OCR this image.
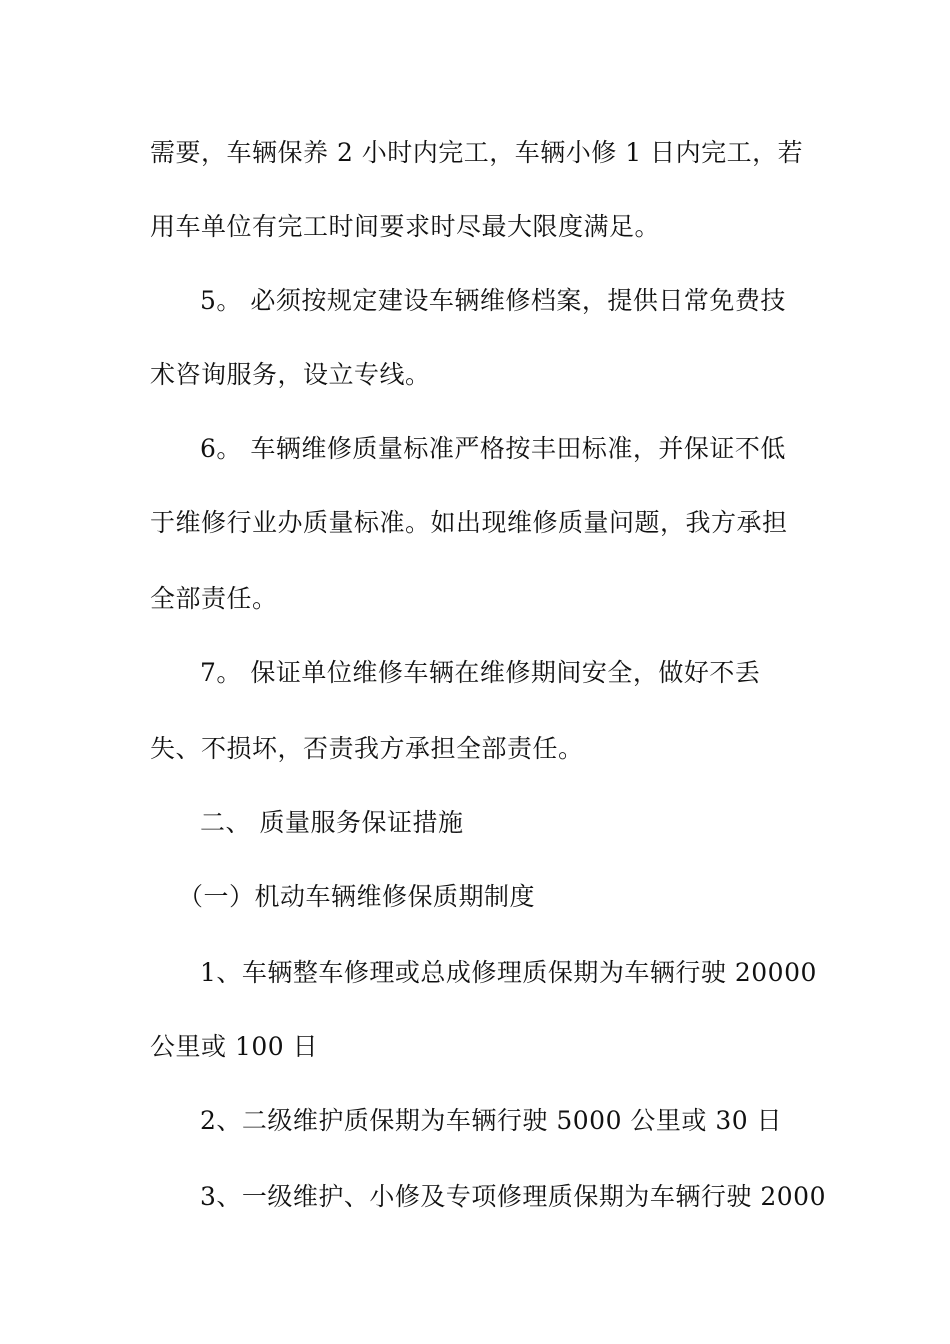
需要，车辆保养 2 小时内完工，车辆小修 1 日内完工，若
用车单位有完工时间要求时尽最大限度满足。
5。 必须按规定建设车辆维修档案，提供日常免费技
术咨询服务，设立专线。
6。 车辆维修质量标准严格按丰田标准，并保证不低
于维修行业办质量标准。如出现维修质量问题，我方承担
全部责任。
7。 保证单位维修车辆在维修期间安全，做好不丢
失、不损坏，否责我方承担全部责任。
二、 质量服务保证措施
（一）机动车辆维修保质期制度
1、车辆整车修理或总成修理质保期为车辆行驶 20000
公里或 100 日
2、二级维护质保期为车辆行驶 5000 公里或 30 日
3、一级维护、小修及专项修理质保期为车辆行驶 2000
